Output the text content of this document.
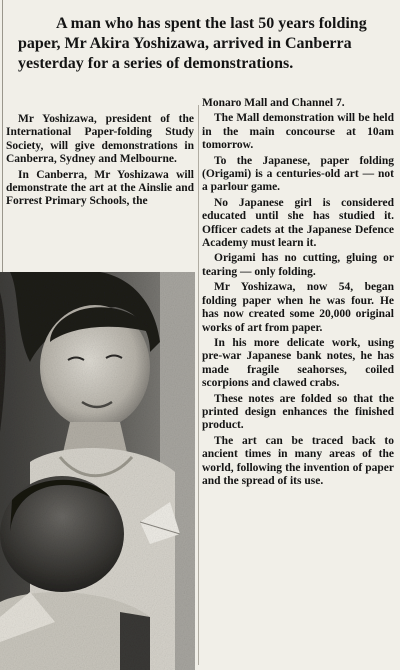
A man who has spent the last 50 years folding paper, Mr Akira Yoshizawa, arrived in Canberra yesterday for a series of demonstrations.

Mr Yoshizawa, president of the International Paper-folding Study Society, will give demonstrations in Canberra, Sydney and Melbourne.

In Canberra, Mr Yoshizawa will demonstrate the art at the Ainslie and Forrest Primary Schools, the

Monaro Mall and Channel 7.

The Mall demonstration will be held in the main concourse at 10am tomorrow.

To the Japanese, paper folding (Origami) is a centuries-old art — not a parlour game.

No Japanese girl is considered educated until she has studied it. Officer cadets at the Japanese Defence Academy must learn it.

Origami has no cutting, gluing or tearing — only folding.

Mr Yoshizawa, now 54, began folding paper when he was four. He has now created some 20,000 original works of art from paper.

In his more delicate work, using pre-war Japanese bank notes, he has made fragile seahorses, coiled scorpions and clawed crabs.

These notes are folded so that the printed design enhances the finished product.

The art can be traced back to ancient times in many areas of the world, following the invention of paper and the spread of its use.
